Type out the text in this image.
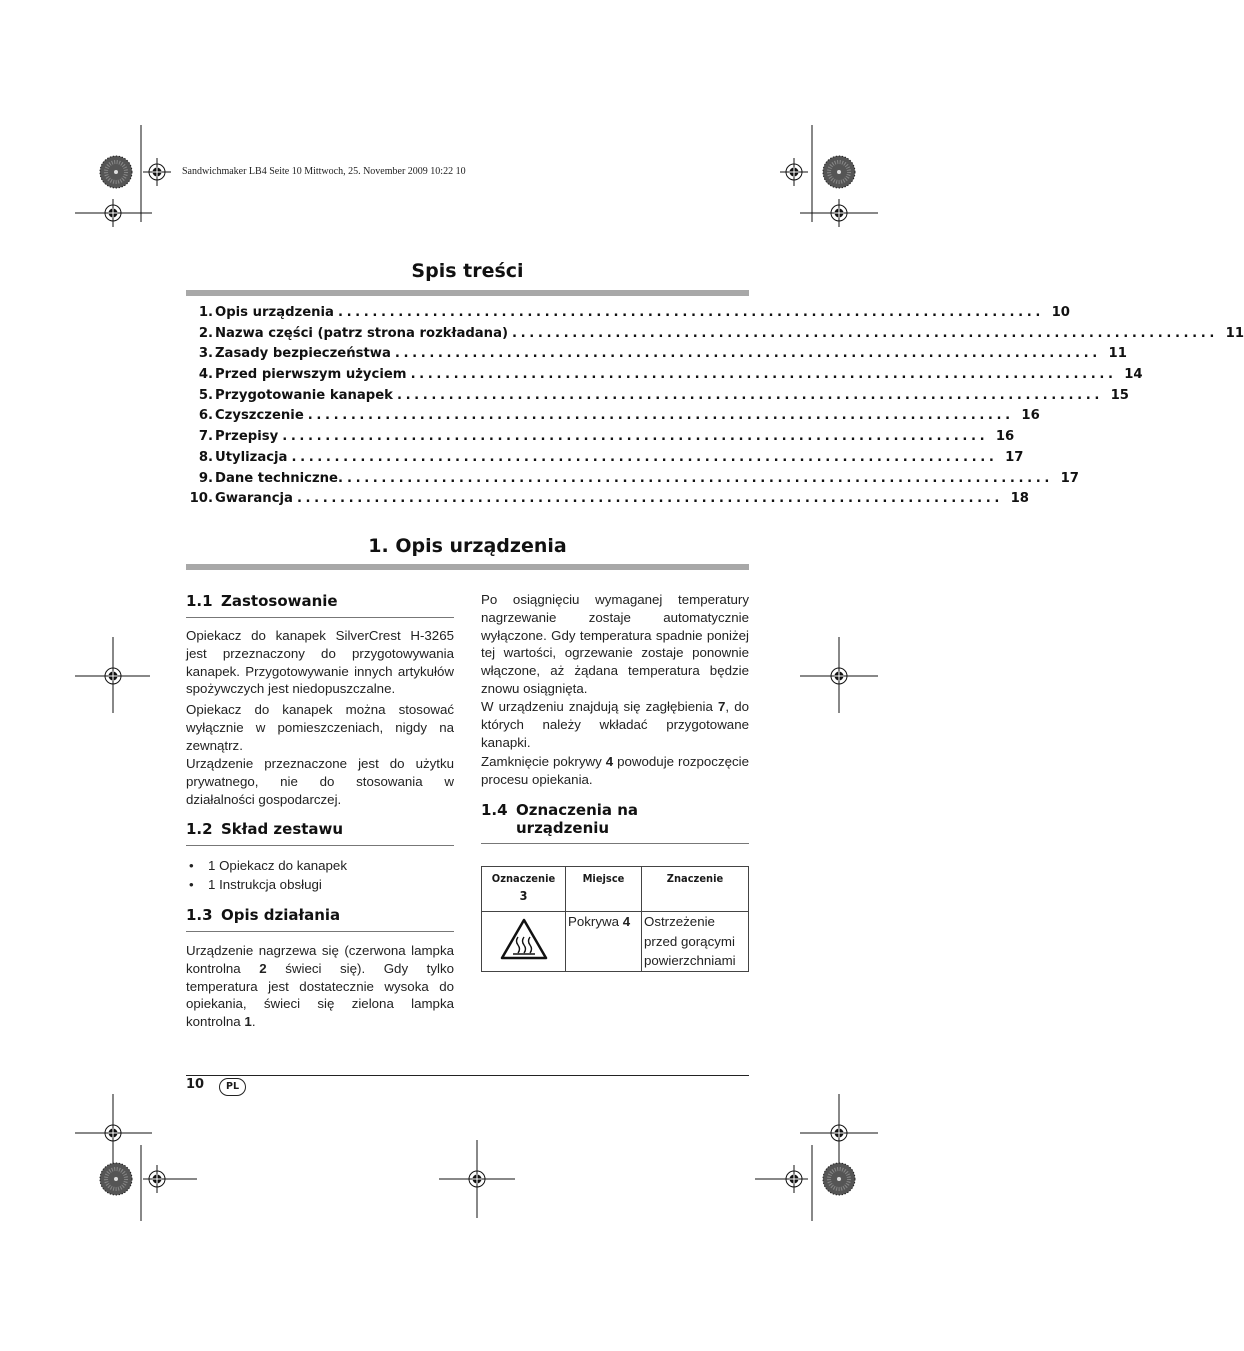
Sandwichmaker LB4 Seite 10 Mittwoch, 25. November 2009 10:22 10
Spis treści
1. Opis urządzenia .................................................................................. 10
2. Nazwa części (patrz strona rozkładana) .................................................................................. 11
3. Zasady bezpieczeństwa .................................................................................. 11
4. Przed pierwszym użyciem .................................................................................. 14
5. Przygotowanie kanapek .................................................................................. 15
6. Czyszczenie .................................................................................. 16
7. Przepisy .................................................................................. 16
8. Utylizacja .................................................................................. 17
9. Dane techniczne. .................................................................................. 17
10. Gwarancja .................................................................................. 18
1. Opis urządzenia
1.1 Zastosowanie

Opiekacz do kanapek SilverCrest H-3265 jest przeznaczony do przygotowywania kanapek. Przygotowywanie innych artykułów spożywczych jest niedopuszczalne.

Opiekacz do kanapek można stosować wyłącznie w pomieszczeniach, nigdy na zewnątrz.

Urządzenie przeznaczone jest do użytku prywatnego, nie do stosowania w działalności gospodarczej.

1.2 Skład zestawu
• 1 Opiekacz do kanapek
• 1 Instrukcja obsługi
1.3 Opis działania

Urządzenie nagrzewa się (czerwona lampka kontrolna 2 świeci się). Gdy tylko temperatura jest dostatecznie wysoka do opiekania, świeci się zielona lampka kontrolna 1.

Po osiągnięciu wymaganej temperatury nagrzewanie zostaje automatycznie wyłączone. Gdy temperatura spadnie poniżej tej wartości, ogrzewanie zostaje ponownie włączone, aż żądana temperatura będzie znowu osiągnięta.

W urządzeniu znajdują się zagłębienia 7, do których należy wkładać przygotowane kanapki.

Zamknięcie pokrywy 4 powoduje rozpoczęcie procesu opiekania.

1.4 Oznaczenia na
urządzeniu
Oznaczenie
3	Miejsce	Znaczenie
	Pokrywa 4	Ostrzeżenie przed gorącymi powierzchniami
10	PL
